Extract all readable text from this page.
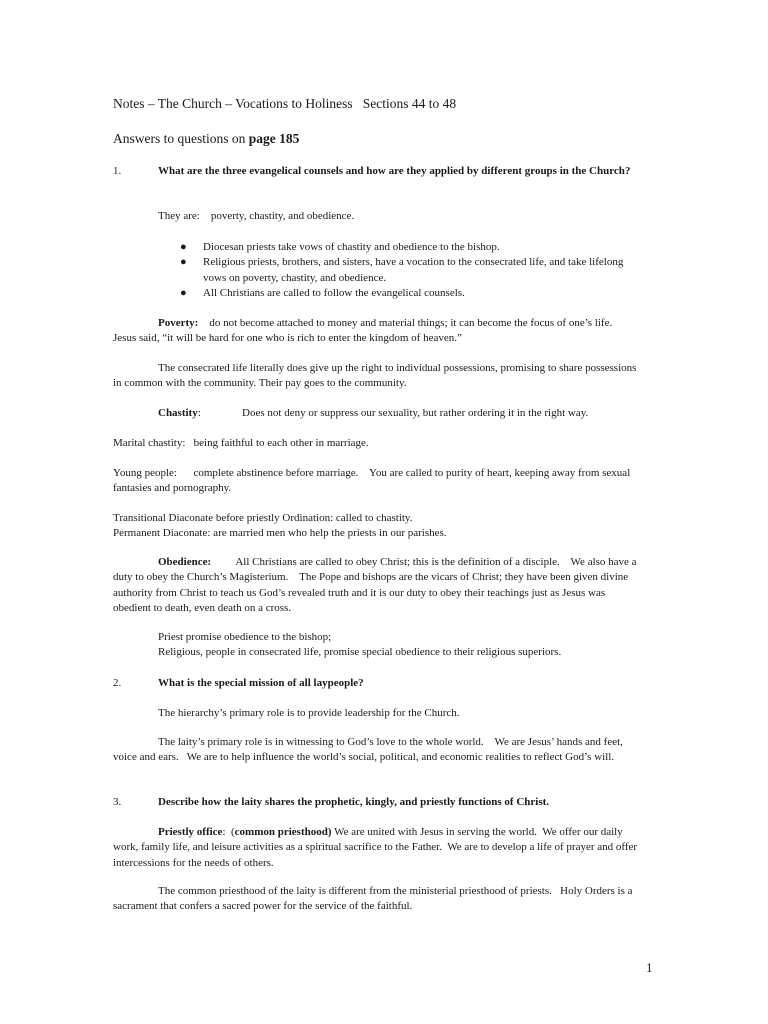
Notes – The Church – Vocations to Holiness   Sections 44 to 48
Answers to questions on page 185
1.	What are the three evangelical counsels and how are they applied by different groups in the Church?

They are:    poverty, chastity, and obedience.

● Diocesan priests take vows of chastity and obedience to the bishop.
● Religious priests, brothers, and sisters, have a vocation to the consecrated life, and take lifelong vows on poverty, chastity, and obedience.
● All Christians are called to follow the evangelical counsels.

Poverty:    do not become attached to money and material things; it can become the focus of one’s life.    Jesus said, “it will be hard for one who is rich to enter the kingdom of heaven.”

The consecrated life literally does give up the right to individual possessions, promising to share possessions in common with the community. Their pay goes to the community.

Chastity:               Does not deny or suppress our sexuality, but rather ordering it in the right way.

Marital chastity:   being faithful to each other in marriage.

Young people:      complete abstinence before marriage.    You are called to purity of heart, keeping away from sexual fantasies and pornography.

Transitional Diaconate before priestly Ordination: called to chastity.

Permanent Diaconate: are married men who help the priests in our parishes.

Obedience:         All Christians are called to obey Christ; this is the definition of a disciple.    We also have a duty to obey the Church’s Magisterium.    The Pope and bishops are the vicars of Christ; they have been given divine authority from Christ to teach us God’s revealed truth and it is our duty to obey their teachings just as Jesus was obedient to death, even death on a cross.

Priest promise obedience to the bishop;

Religious, people in consecrated life, promise special obedience to their religious superiors.

2.	What is the special mission of all laypeople?

The hierarchy’s primary role is to provide leadership for the Church.

The laity’s primary role is in witnessing to God’s love to the whole world.    We are Jesus’ hands and feet, voice and ears.   We are to help influence the world’s social, political, and economic realities to reflect God’s will.

3.	Describe how the laity shares the prophetic, kingly, and priestly functions of Christ.

Priestly office:  (common priesthood) We are united with Jesus in serving the world.  We offer our daily work, family life, and leisure activities as a spiritual sacrifice to the Father.  We are to develop a life of prayer and offer intercessions for the needs of others.

The common priesthood of the laity is different from the ministerial priesthood of priests.   Holy Orders is a sacrament that confers a sacred power for the service of the faithful.

1
